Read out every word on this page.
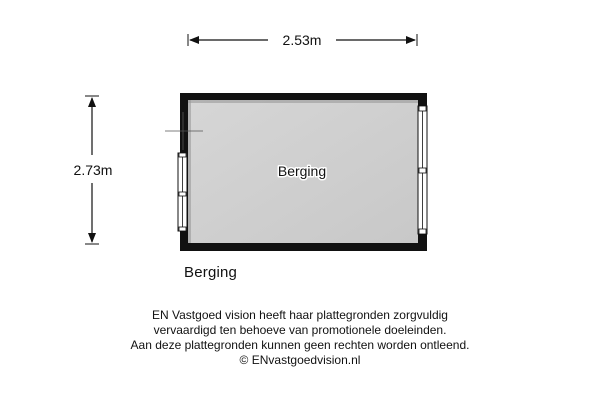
2.53m
2.73m	Berging
Berging
EN Vastgoed vision heeft haar plattegronden zorgvuldig
vervaardigd ten behoeve van promotionele doeleinden.
Aan deze plattegronden kunnen geen rechten worden ontleend.
© ENvastgoedvision.nl
